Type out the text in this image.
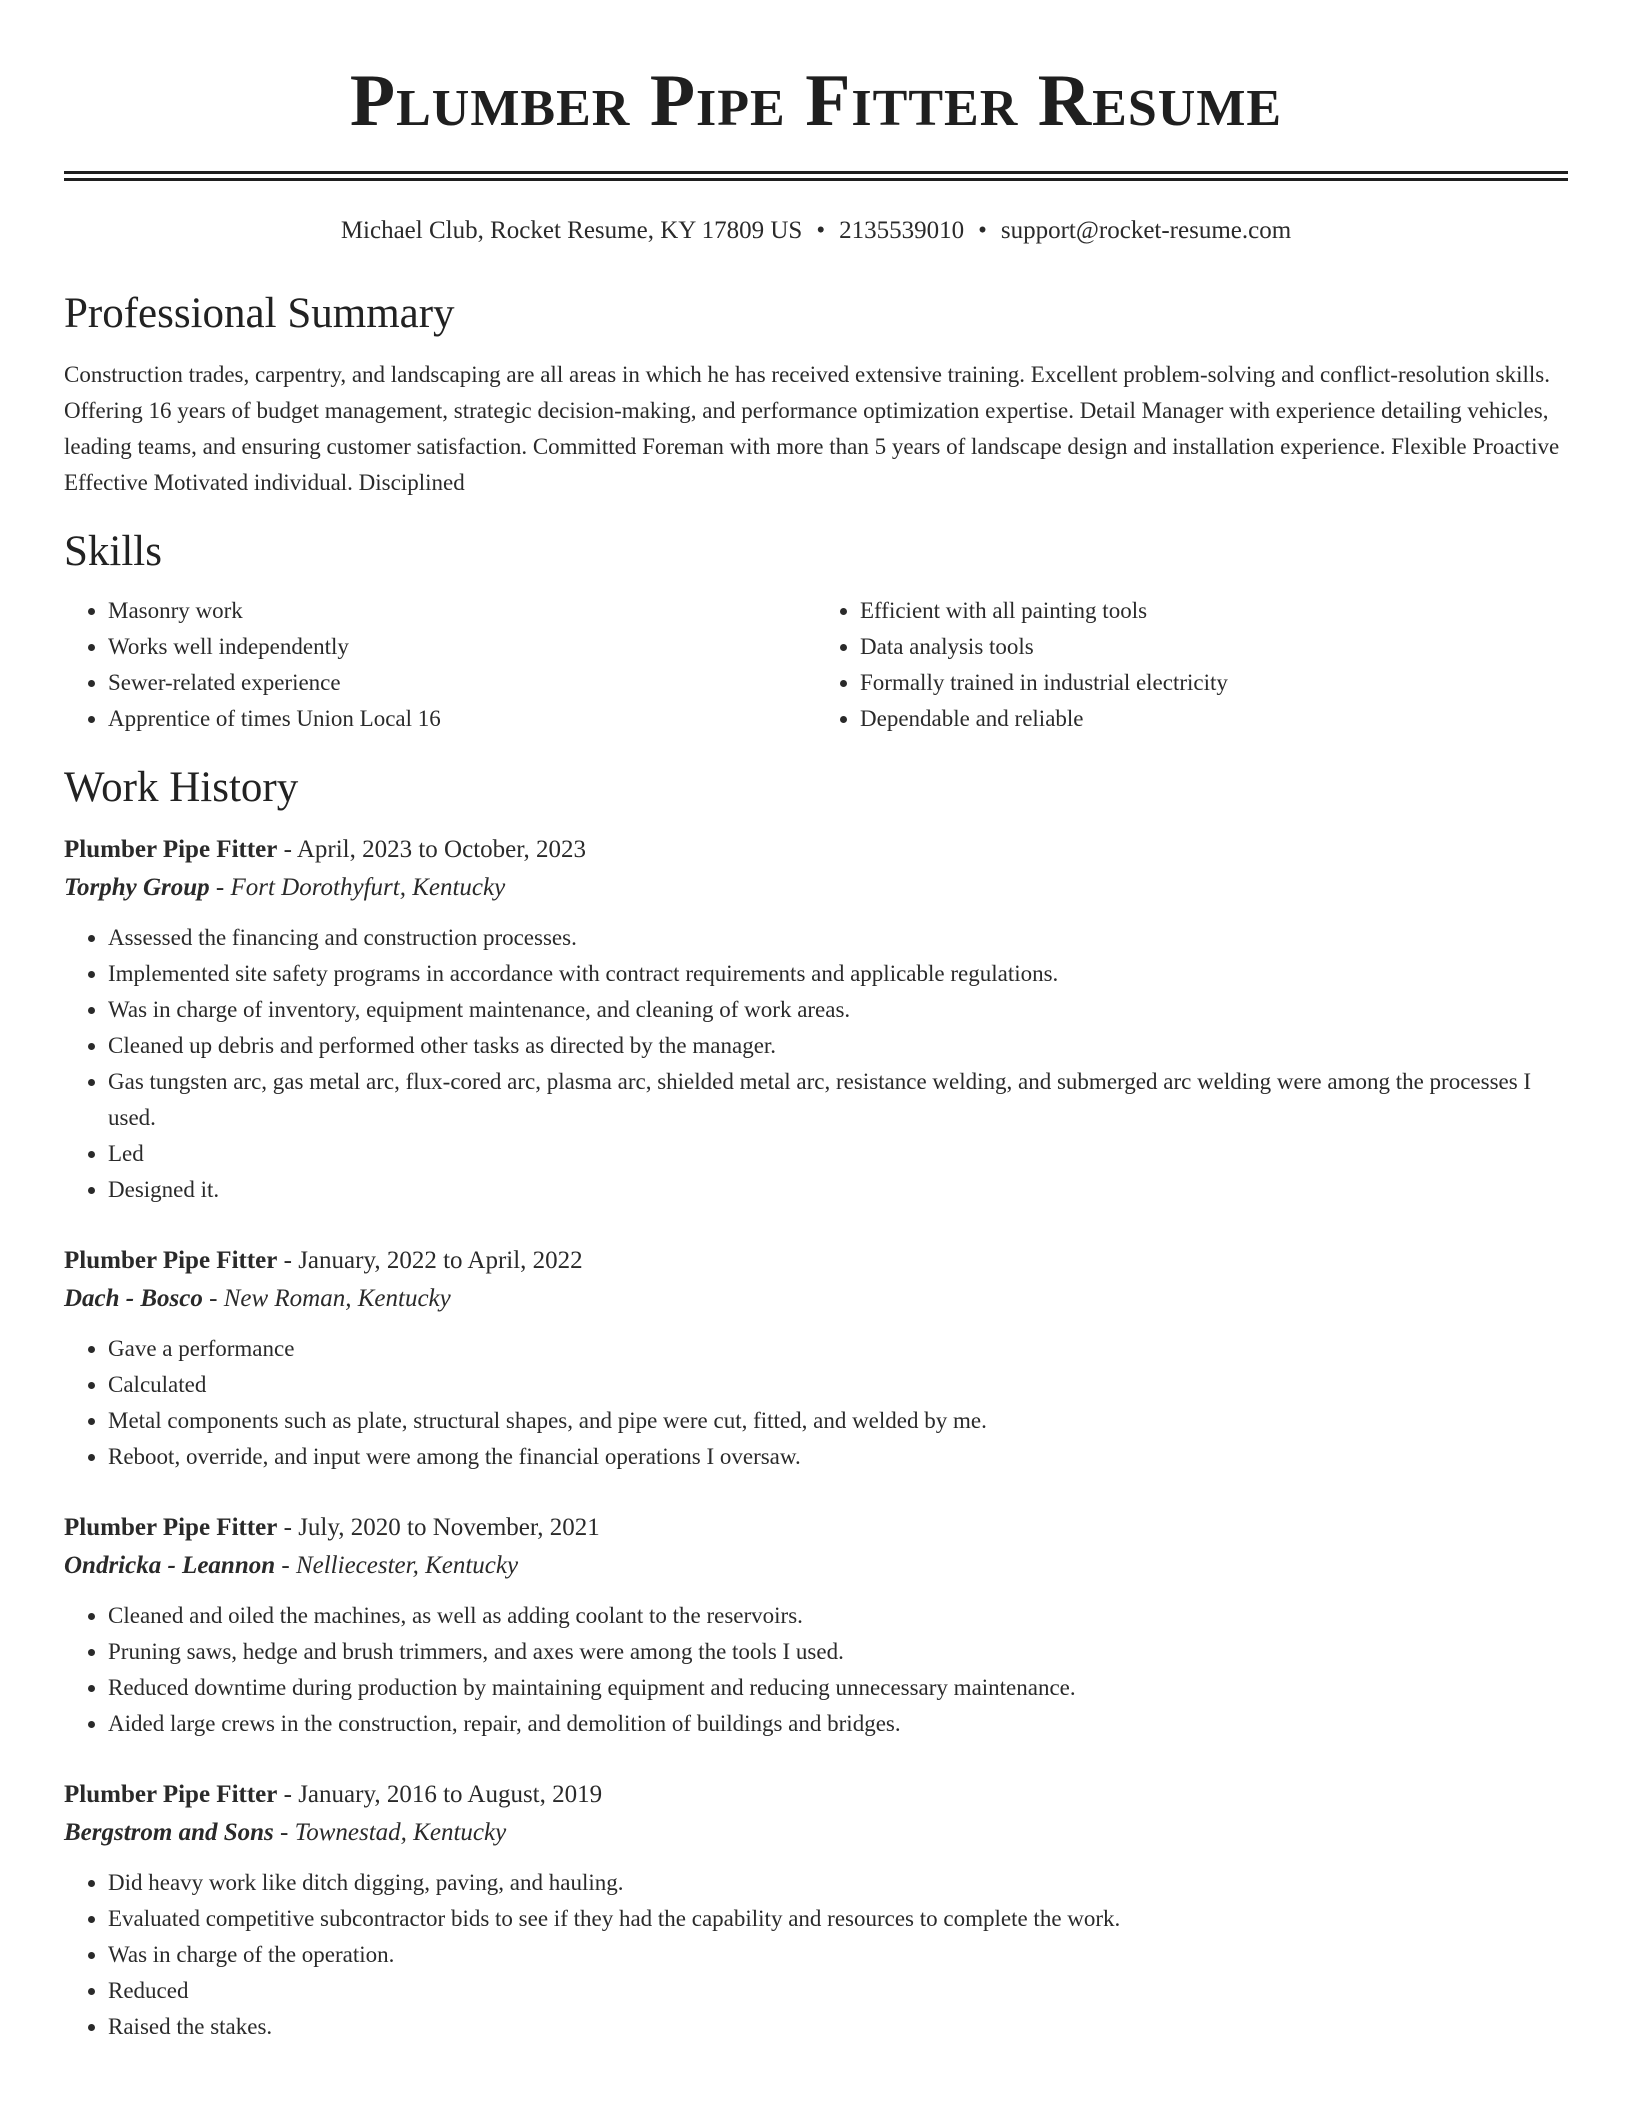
Plumber Pipe Fitter Resume
Michael Club, Rocket Resume, KY 17809 US • 2135539010 • support@rocket-resume.com
Professional Summary

Construction trades, carpentry, and landscaping are all areas in which he has received extensive training. Excellent problem-solving and conflict-resolution skills. Offering 16 years of budget management, strategic decision-making, and performance optimization expertise. Detail Manager with experience detailing vehicles, leading teams, and ensuring customer satisfaction. Committed Foreman with more than 5 years of landscape design and installation experience. Flexible Proactive Effective Motivated individual. Disciplined

Skills
• Masonry work
• Works well independently
• Sewer-related experience
• Apprentice of times Union Local 16
• Efficient with all painting tools
• Data analysis tools
• Formally trained in industrial electricity
• Dependable and reliable
Work History
Plumber Pipe Fitter - April, 2023 to October, 2023
Torphy Group - Fort Dorothyfurt, Kentucky
• Assessed the financing and construction processes.
• Implemented site safety programs in accordance with contract requirements and applicable regulations.
• Was in charge of inventory, equipment maintenance, and cleaning of work areas.
• Cleaned up debris and performed other tasks as directed by the manager.
• Gas tungsten arc, gas metal arc, flux-cored arc, plasma arc, shielded metal arc, resistance welding, and submerged arc welding were among the processes I used.
• Led
• Designed it.
Plumber Pipe Fitter - January, 2022 to April, 2022
Dach - Bosco - New Roman, Kentucky
• Gave a performance
• Calculated
• Metal components such as plate, structural shapes, and pipe were cut, fitted, and welded by me.
• Reboot, override, and input were among the financial operations I oversaw.
Plumber Pipe Fitter - July, 2020 to November, 2021
Ondricka - Leannon - Nelliecester, Kentucky
• Cleaned and oiled the machines, as well as adding coolant to the reservoirs.
• Pruning saws, hedge and brush trimmers, and axes were among the tools I used.
• Reduced downtime during production by maintaining equipment and reducing unnecessary maintenance.
• Aided large crews in the construction, repair, and demolition of buildings and bridges.
Plumber Pipe Fitter - January, 2016 to August, 2019
Bergstrom and Sons - Townestad, Kentucky
• Did heavy work like ditch digging, paving, and hauling.
• Evaluated competitive subcontractor bids to see if they had the capability and resources to complete the work.
• Was in charge of the operation.
• Reduced
• Raised the stakes.
